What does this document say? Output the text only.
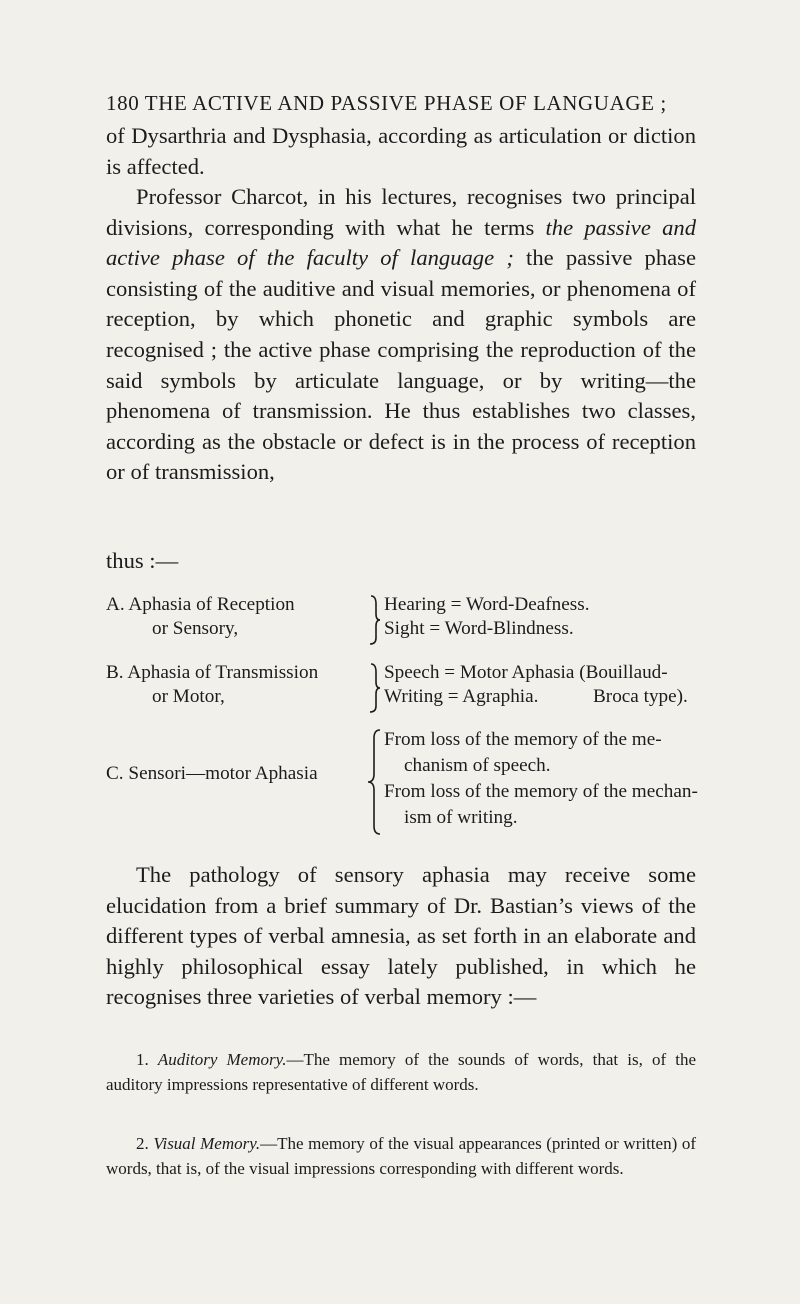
180 THE ACTIVE AND PASSIVE PHASE OF LANGUAGE ;

of Dysarthria and Dysphasia, according as articulation or diction is affected.

Professor Charcot, in his lectures, recognises two principal divisions, corresponding with what he terms the passive and active phase of the faculty of language ; the passive phase consisting of the auditive and visual memories, or phenomena of reception, by which phonetic and graphic symbols are recognised ; the active phase comprising the reproduction of the said symbols by articulate language, or by writing—the phenomena of transmission. He thus establishes two classes, according as the obstacle or defect is in the process of reception or of transmission,

thus :—
A. Aphasia of Reception
or Sensory,
Hearing = Word-Deafness.
Sight = Word-Blindness.
B. Aphasia of Transmission
or Motor,
Speech = Motor Aphasia (Bouillaud-
Writing = Agraphia.	Broca type).
C. Sensori—motor Aphasia
From loss of the memory of the me-
chanism of speech.
From loss of the memory of the mechan-
ism of writing.

The pathology of sensory aphasia may receive some elucidation from a brief summary of Dr. Bastian’s views of the different types of verbal amnesia, as set forth in an elaborate and highly philosophical essay lately published, in which he recognises three varieties of verbal memory :—

1. Auditory Memory.—The memory of the sounds of words, that is, of the auditory impressions representative of different words.
2. Visual Memory.—The memory of the visual appearances (printed or written) of words, that is, of the visual impressions corresponding with different words.
